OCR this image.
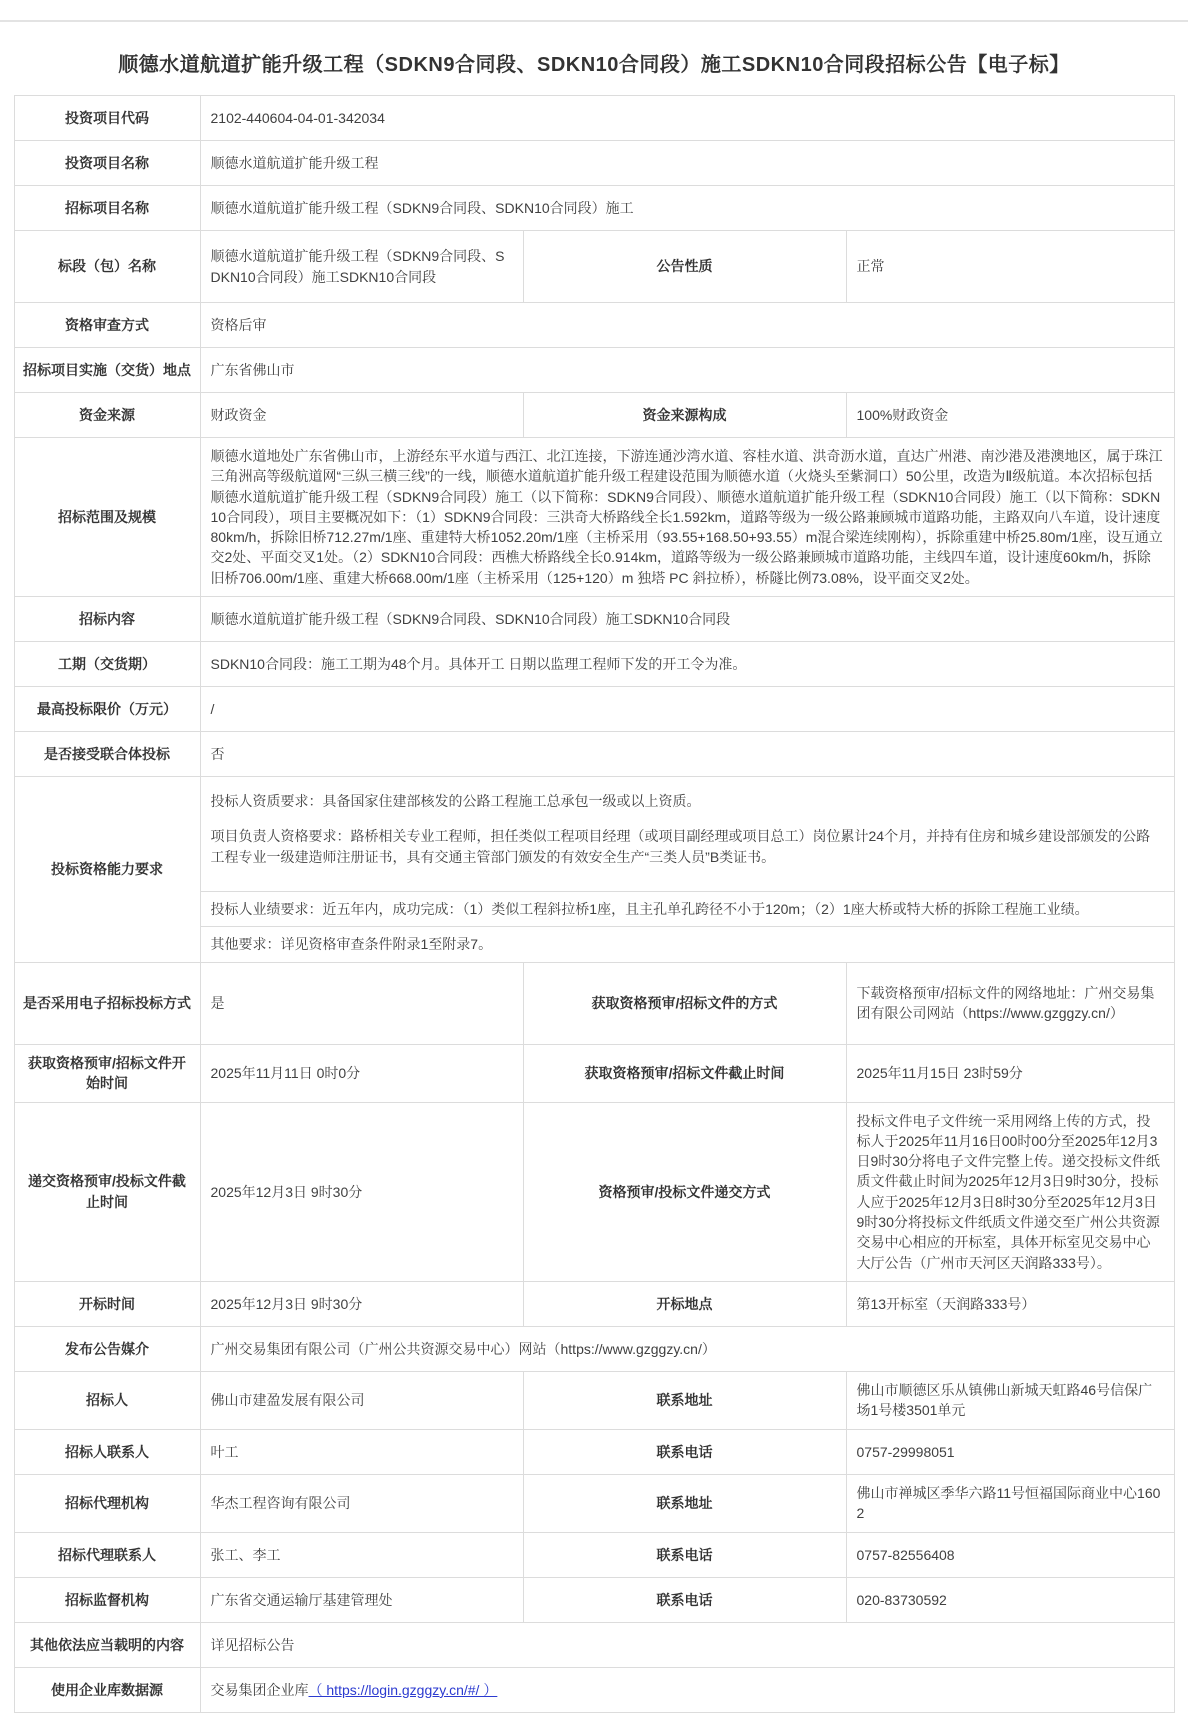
顺德水道航道扩能升级工程（SDKN9合同段、SDKN10合同段）施工SDKN10合同段招标公告【电子标】
投资项目代码	2102-440604-04-01-342034		
投资项目名称	顺德水道航道扩能升级工程		
招标项目名称	顺德水道航道扩能升级工程（SDKN9合同段、SDKN10合同段）施工		
标段（包）名称	顺德水道航道扩能升级工程（SDKN9合同段、SDKN10合同段）施工SDKN10合同段	公告性质	正常
资格审查方式	资格后审		
招标项目实施（交货）地点	广东省佛山市		
资金来源	财政资金	资金来源构成	100%财政资金
招标范围及规模	顺德水道地处广东省佛山市，上游经东平水道与西江、北江连接，下游连通沙湾水道、容桂水道、洪奇沥水道，直达广州港、南沙港及港澳地区，属于珠江三角洲高等级航道网“三纵三横三线”的一线，顺德水道航道扩能升级工程建设范围为顺德水道（火烧头至紫洞口）50公里，改造为Ⅱ级航道。本次招标包括顺德水道航道扩能升级工程（SDKN9合同段）施工（以下简称：SDKN9合同段）、顺德水道航道扩能升级工程（SDKN10合同段）施工（以下简称：SDKN10合同段），项目主要概况如下：（1）SDKN9合同段：三洪奇大桥路线全长1.592km，道路等级为一级公路兼顾城市道路功能，主路双向八车道，设计速度 80km/h，拆除旧桥712.27m/1座、重建特大桥1052.20m/1座（主桥采用（93.55+168.50+93.55）m混合梁连续刚构），拆除重建中桥25.80m/1座，设互通立交2处、平面交叉1处。（2）SDKN10合同段：西樵大桥路线全长0.914km，道路等级为一级公路兼顾城市道路功能，主线四车道，设计速度60km/h，拆除旧桥706.00m/1座、重建大桥668.00m/1座（主桥采用（125+120）m 独塔 PC 斜拉桥），桥隧比例73.08%，设平面交叉2处。		
招标内容	顺德水道航道扩能升级工程（SDKN9合同段、SDKN10合同段）施工SDKN10合同段		
工期（交货期）	SDKN10合同段：施工工期为48个月。具体开工 日期以监理工程师下发的开工令为准。		
最高投标限价（万元）	/		
是否接受联合体投标	否		
投标资格能力要求	投标人资质要求：具备国家住建部核发的公路工程施工总承包一级或以上资质。

项目负责人资格要求：路桥相关专业工程师，担任类似工程项目经理（或项目副经理或项目总工）岗位累计24个月，并持有住房和城乡建设部颁发的公路工程专业一级建造师注册证书，具有交通主管部门颁发的有效安全生产“三类人员”B类证书。

投标人业绩要求：近五年内，成功完成：（1）类似工程斜拉桥1座，且主孔单孔跨径不小于120m；（2）1座大桥或特大桥的拆除工程施工业绩。
其他要求：详见资格审查条件附录1至附录7。		

是否采用电子招标投标方式	是	获取资格预审/招标文件的方式	下载资格预审/招标文件的网络地址：广州交易集团有限公司网站（https://www.gzggzy.cn/）
获取资格预审/招标文件开始时间	2025年11月11日 0时0分	获取资格预审/招标文件截止时间	2025年11月15日 23时59分
递交资格预审/投标文件截止时间	2025年12月3日 9时30分	资格预审/投标文件递交方式	投标文件电子文件统一采用网络上传的方式，投标人于2025年11月16日00时00分至2025年12月3日9时30分将电子文件完整上传。递交投标文件纸质文件截止时间为2025年12月3日9时30分，投标人应于2025年12月3日8时30分至2025年12月3日9时30分将投标文件纸质文件递交至广州公共资源交易中心相应的开标室，具体开标室见交易中心大厅公告（广州市天河区天润路333号）。
开标时间	2025年12月3日 9时30分	开标地点	第13开标室（天润路333号）
发布公告媒介	广州交易集团有限公司（广州公共资源交易中心）网站（https://www.gzggzy.cn/）		
招标人	佛山市建盈发展有限公司	联系地址	佛山市顺德区乐从镇佛山新城天虹路46号信保广场1号楼3501单元
招标人联系人	叶工	联系电话	0757-29998051
招标代理机构	华杰工程咨询有限公司	联系地址	佛山市禅城区季华六路11号恒福国际商业中心1602
招标代理联系人	张工、李工	联系电话	0757-82556408
招标监督机构	广东省交通运输厅基建管理处	联系电话	020-83730592
其他依法应当载明的内容	详见招标公告		
使用企业库数据源	交易集团企业库（ https://login.gzggzy.cn/#/ ）		
